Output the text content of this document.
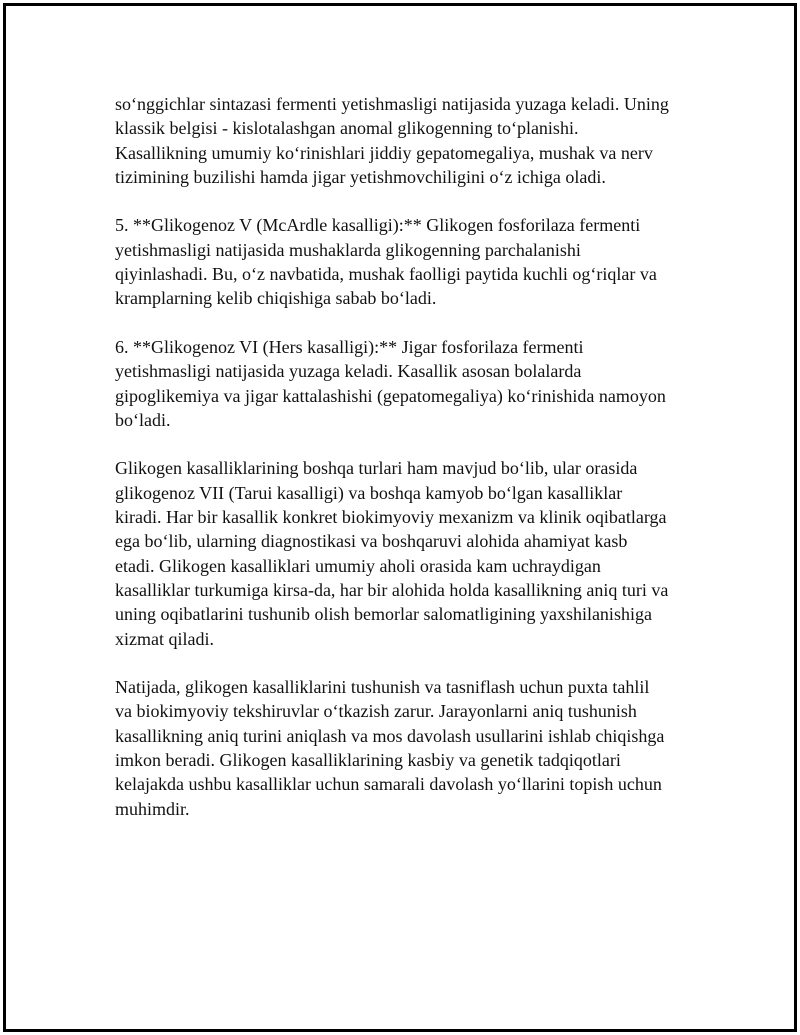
so‘nggichlar sintazasi fermenti yetishmasligi natijasida yuzaga keladi. Uning
klassik belgisi - kislotalashgan anomal glikogenning to‘planishi.
Kasallikning umumiy ko‘rinishlari jiddiy gepatomegaliya, mushak va nerv
tizimining buzilishi hamda jigar yetishmovchiligini o‘z ichiga oladi.

5. **Glikogenoz V (McArdle kasalligi):** Glikogen fosforilaza fermenti
yetishmasligi natijasida mushaklarda glikogenning parchalanishi
qiyinlashadi. Bu, o‘z navbatida, mushak faolligi paytida kuchli og‘riqlar va
kramplarning kelib chiqishiga sabab bo‘ladi.

6. **Glikogenoz VI (Hers kasalligi):** Jigar fosforilaza fermenti
yetishmasligi natijasida yuzaga keladi. Kasallik asosan bolalarda
gipoglikemiya va jigar kattalashishi (gepatomegaliya) ko‘rinishida namoyon
bo‘ladi.

Glikogen kasalliklarining boshqa turlari ham mavjud bo‘lib, ular orasida
glikogenoz VII (Tarui kasalligi) va boshqa kamyob bo‘lgan kasalliklar
kiradi. Har bir kasallik konkret biokimyoviy mexanizm va klinik oqibatlarga
ega bo‘lib, ularning diagnostikasi va boshqaruvi alohida ahamiyat kasb
etadi. Glikogen kasalliklari umumiy aholi orasida kam uchraydigan
kasalliklar turkumiga kirsa-da, har bir alohida holda kasallikning aniq turi va
uning oqibatlarini tushunib olish bemorlar salomatligining yaxshilanishiga
xizmat qiladi.

Natijada, glikogen kasalliklarini tushunish va tasniflash uchun puxta tahlil
va biokimyoviy tekshiruvlar o‘tkazish zarur. Jarayonlarni aniq tushunish
kasallikning aniq turini aniqlash va mos davolash usullarini ishlab chiqishga
imkon beradi. Glikogen kasalliklarining kasbiy va genetik tadqiqotlari
kelajakda ushbu kasalliklar uchun samarali davolash yo‘llarini topish uchun
muhimdir.
